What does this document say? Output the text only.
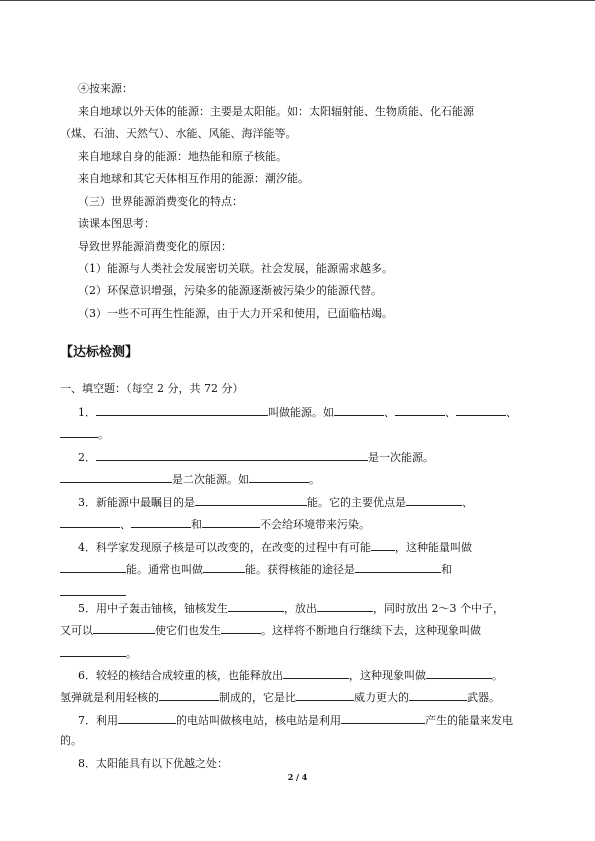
④按来源：
来自地球以外天体的能源：主要是太阳能。如：太阳辐射能、生物质能、化石能源
（煤、石油、天然气）、水能、风能、海洋能等。
来自地球自身的能源：地热能和原子核能。
来自地球和其它天体相互作用的能源：潮汐能。
（三）世界能源消费变化的特点：
读课本图思考：
导致世界能源消费变化的原因：
（1）能源与人类社会发展密切关联。社会发展，能源需求越多。
（2）环保意识增强，污染多的能源逐渐被污染少的能源代替。
（3）一些不可再生性能源，由于大力开采和使用，已面临枯竭。
【达标检测】
一、填空题：（每空 2 分，共 72 分）
1．	叫做能源。如	、	、	、
。
2．	是一次能源。
是二次能源。如	。
3．新能源中最瞩目的是	能。它的主要优点是	、
、	和	不会给环境带来污染。
4．科学家发现原子核是可以改变的，在改变的过程中有可能 ，这种能量叫做
能。通常也叫做	能。获得核能的途径是	和
5．用中子轰击铀核，铀核发生	，放出	，同时放出 2～3 个中子，
又可以	使它们也发生	。这样将不断地自行继续下去，这种现象叫做
。
6．较轻的核结合成较重的核，也能释放出	，这种现象叫做	。
氢弹就是利用轻核的	制成的，它是比	威力更大的	武器。
7．利用	的电站叫做核电站，核电站是利用	产生的能量来发电
的。
8．太阳能具有以下优越之处：
2 / 4
